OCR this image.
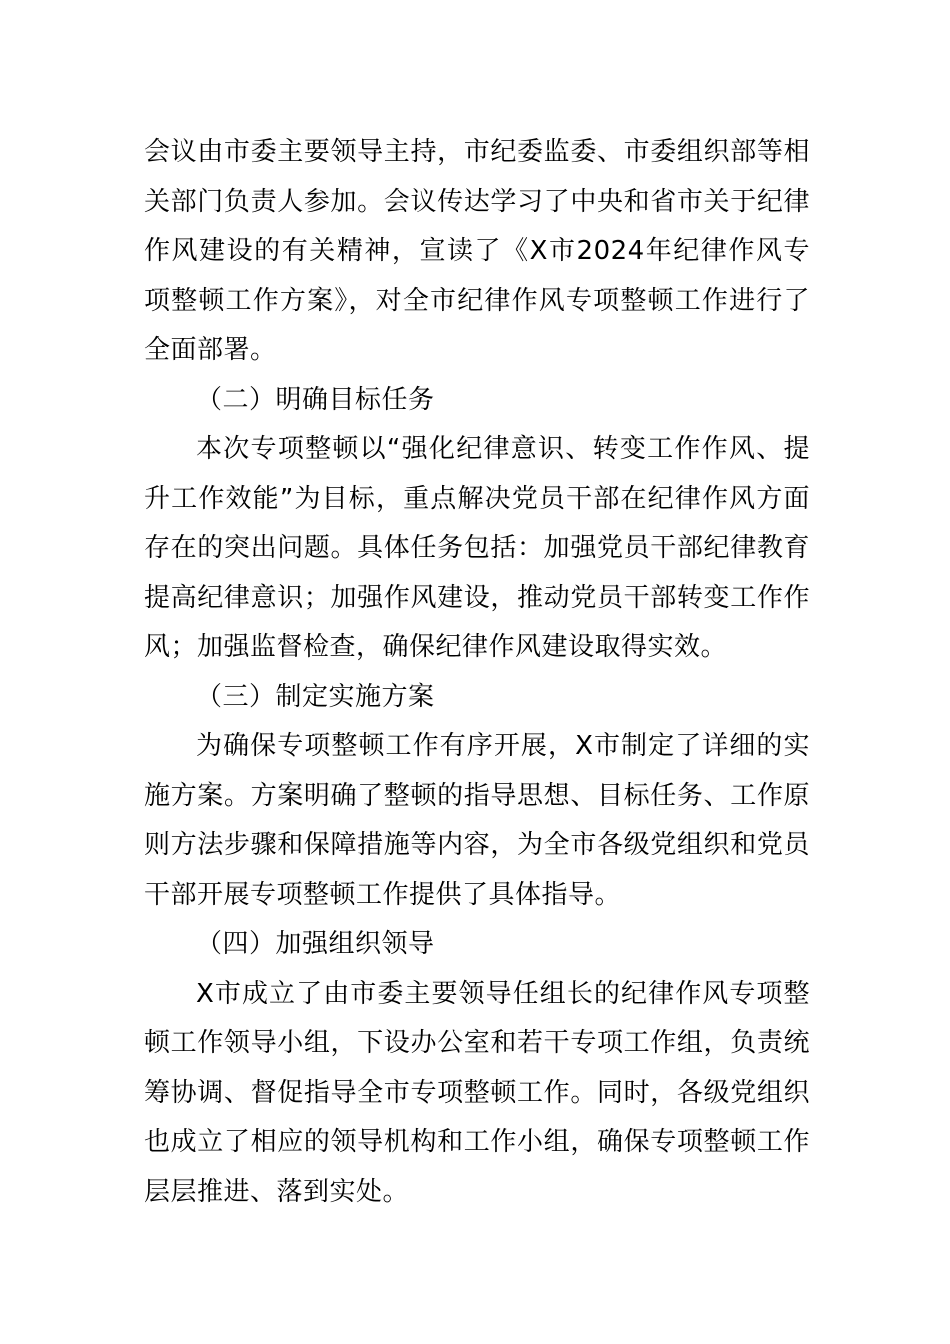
会议由市委主要领导主持，市纪委监委、市委组织部等相关部门负责人参加。会议传达学习了中央和省市关于纪律作风建设的有关精神，宣读了《X市2024年纪律作风专项整顿工作方案》，对全市纪律作风专项整顿工作进行了全面部署。

（二）明确目标任务

本次专项整顿以“强化纪律意识、转变工作作风、提升工作效能”为目标，重点解决党员干部在纪律作风方面存在的突出问题。具体任务包括：加强党员干部纪律教育提高纪律意识；加强作风建设，推动党员干部转变工作作风；加强监督检查，确保纪律作风建设取得实效。

（三）制定实施方案

为确保专项整顿工作有序开展，X市制定了详细的实施方案。方案明确了整顿的指导思想、目标任务、工作原则方法步骤和保障措施等内容，为全市各级党组织和党员干部开展专项整顿工作提供了具体指导。

（四）加强组织领导

X市成立了由市委主要领导任组长的纪律作风专项整顿工作领导小组，下设办公室和若干专项工作组，负责统筹协调、督促指导全市专项整顿工作。同时，各级党组织也成立了相应的领导机构和工作小组，确保专项整顿工作层层推进、落到实处。
